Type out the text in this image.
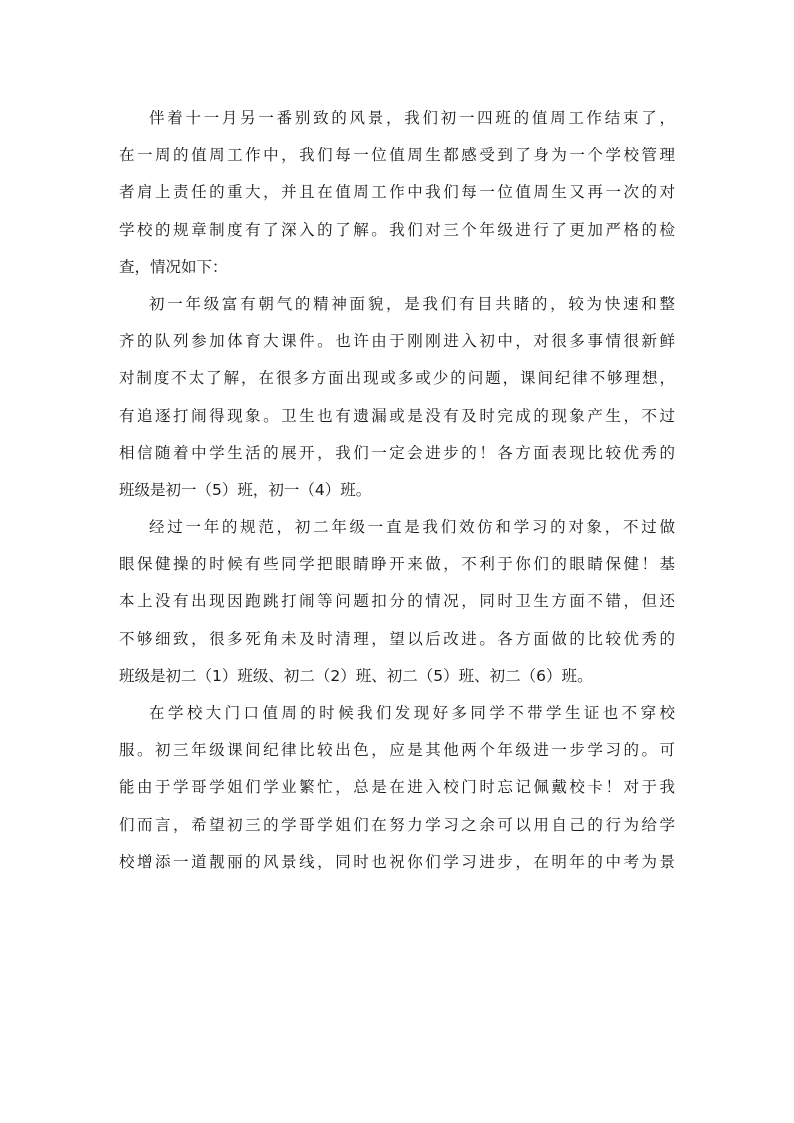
伴着十一月另一番别致的风景，我们初一四班的值周工作结束了，
在一周的值周工作中，我们每一位值周生都感受到了身为一个学校管理
者肩上责任的重大，并且在值周工作中我们每一位值周生又再一次的对
学校的规章制度有了深入的了解。我们对三个年级进行了更加严格的检
查，情况如下：
初一年级富有朝气的精神面貌，是我们有目共睹的，较为快速和整
齐的队列参加体育大课件。也许由于刚刚进入初中，对很多事情很新鲜
对制度不太了解，在很多方面出现或多或少的问题，课间纪律不够理想，
有追逐打闹得现象。卫生也有遗漏或是没有及时完成的现象产生，不过
相信随着中学生活的展开，我们一定会进步的！各方面表现比较优秀的
班级是初一（5）班，初一（4）班。
经过一年的规范，初二年级一直是我们效仿和学习的对象，不过做
眼保健操的时候有些同学把眼睛睁开来做，不利于你们的眼睛保健！基
本上没有出现因跑跳打闹等问题扣分的情况，同时卫生方面不错，但还
不够细致，很多死角未及时清理，望以后改进。各方面做的比较优秀的
班级是初二（1）班级、初二（2）班、初二（5）班、初二（6）班。
在学校大门口值周的时候我们发现好多同学不带学生证也不穿校
服。初三年级课间纪律比较出色，应是其他两个年级进一步学习的。可
能由于学哥学姐们学业繁忙，总是在进入校门时忘记佩戴校卡！对于我
们而言，希望初三的学哥学姐们在努力学习之余可以用自己的行为给学
校增添一道靓丽的风景线，同时也祝你们学习进步，在明年的中考为景
